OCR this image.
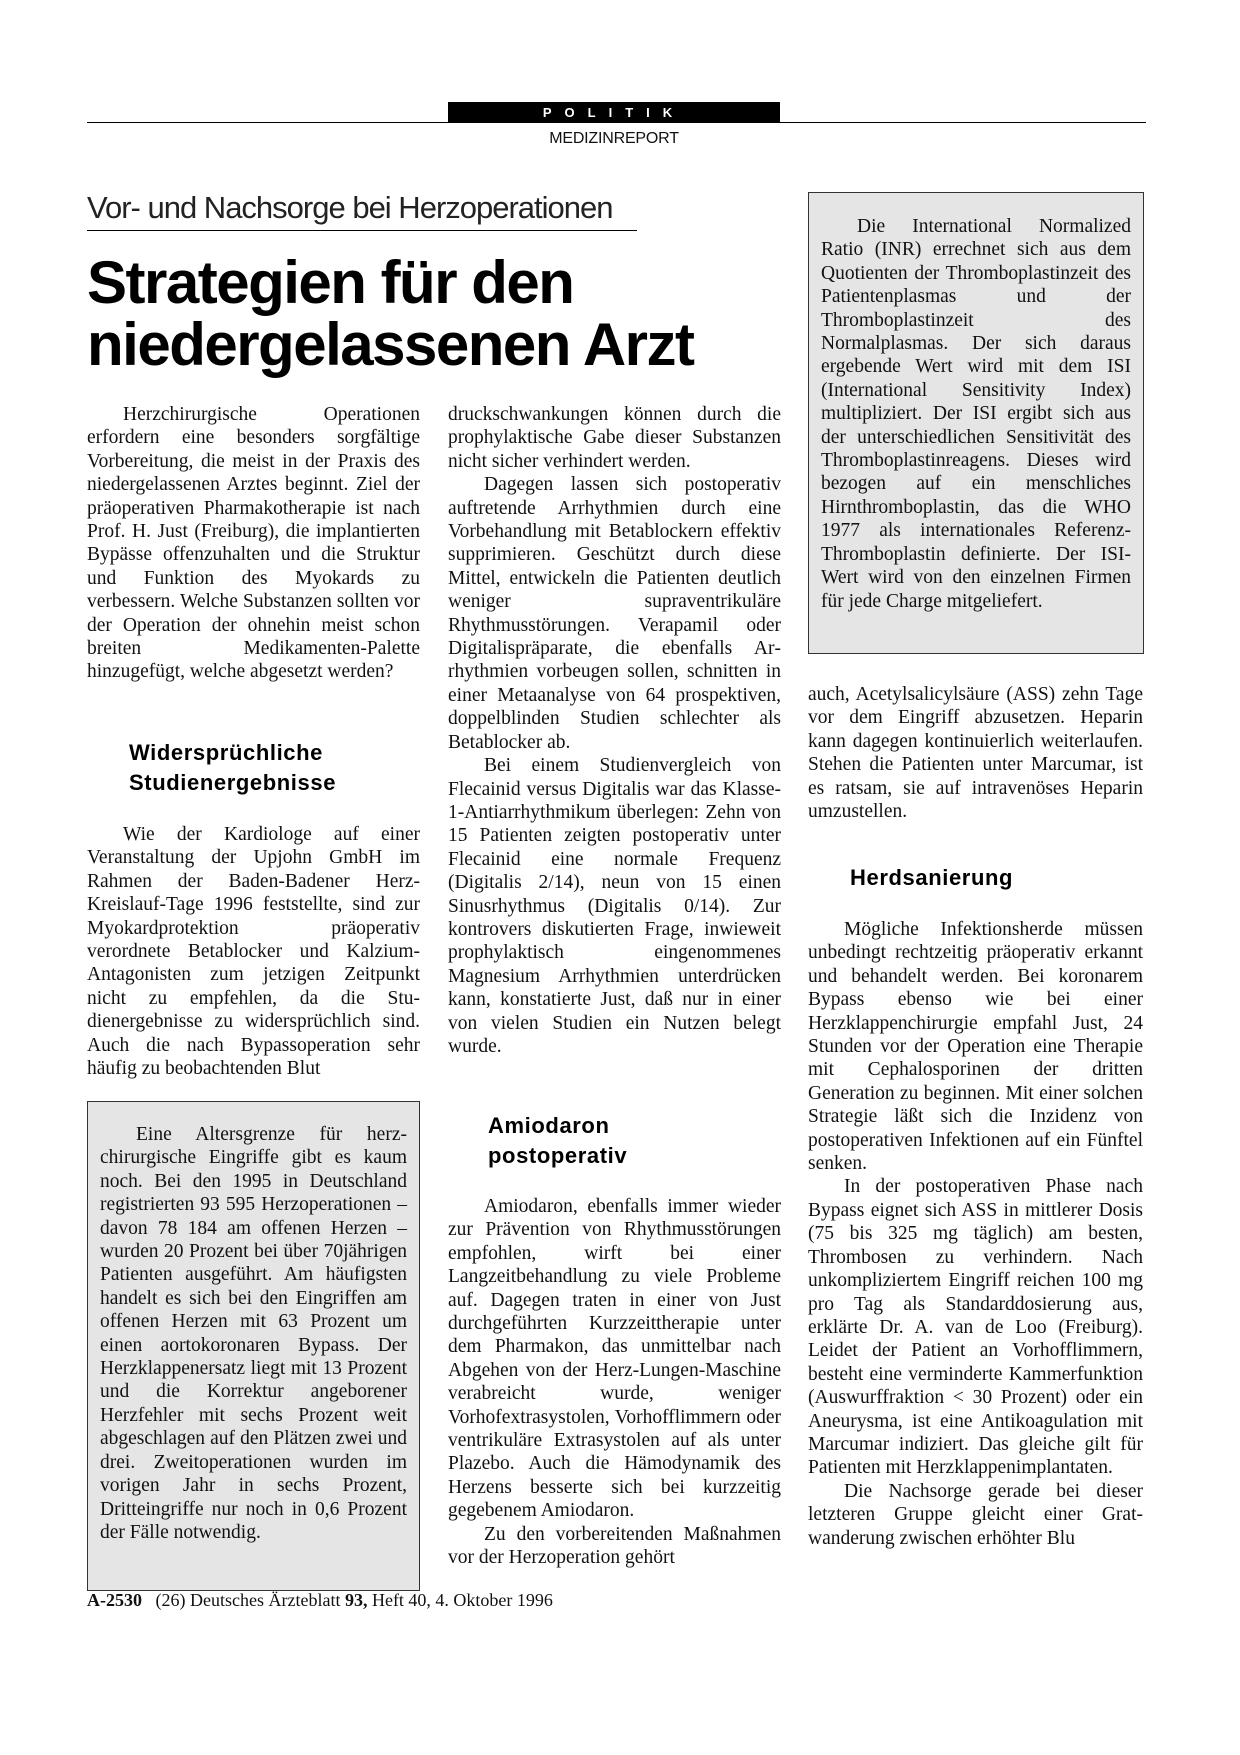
POLITIK
MEDIZINREPORT
Vor- und Nachsorge bei Herzoperationen
Strategien für den
niedergelassenen Arzt

Herzchirurgische Operationen erfordern eine besonders sorgfältige Vorbereitung, die meist in der Praxis des niedergelassenen Arztes beginnt. Ziel der präoperativen Pharmakotherapie ist nach Prof. H. Just (Freiburg), die implantierten Bypässe offenzuhalten und die Struktur und Funktion des Myokards zu verbessern. Welche Substanzen sollten vor der Operation der ohnehin meist schon breiten Medikamenten-Palette hinzugefügt, welche abgesetzt werden?

Widersprüchliche
Studienergebnisse

Wie der Kardiologe auf einer Veranstaltung der Upjohn GmbH im Rahmen der Baden-Badener Herz-Kreislauf-Tage 1996 feststellte, sind zur Myokardprotektion präoperativ verordnete Betablocker und Kalzium-Antagonisten zum jetzigen Zeitpunkt nicht zu empfehlen, da die Studienergebnisse zu widersprüchlich sind. Auch die nach Bypassoperation sehr häufig zu beobachtenden Blut

Eine Altersgrenze für herzchirurgische Eingriffe gibt es kaum noch. Bei den 1995 in Deutschland registrierten 93 595 Herzoperationen – davon 78 184 am offenen Herzen – wurden 20 Prozent bei über 70jährigen Patienten ausgeführt. Am häufigsten handelt es sich bei den Eingriffen am offenen Herzen mit 63 Prozent um einen aortokoronaren Bypass. Der Herzklappenersatz liegt mit 13 Prozent und die Korrektur angeborener Herzfehler mit sechs Prozent weit abgeschlagen auf den Plätzen zwei und drei. Zweitoperationen wurden im vorigen Jahr in sechs Prozent, Dritteingriffe nur noch in 0,6 Prozent der Fälle notwendig.

druckschwankungen können durch die prophylaktische Gabe dieser Substanzen nicht sicher verhindert werden.

Dagegen lassen sich postoperativ auftretende Arrhythmien durch eine Vorbehandlung mit Betablockern effektiv supprimieren. Geschützt durch diese Mittel, entwickeln die Patienten deutlich weniger supraventrikuläre Rhythmusstörungen. Verapamil oder Digitalispräparate, die ebenfalls Arrhythmien vorbeugen sollen, schnitten in einer Metaanalyse von 64 prospektiven, doppelblinden Studien schlechter als Betablocker ab.

Bei einem Studienvergleich von Flecainid versus Digitalis war das Klasse-1-Antiarrhythmikum überlegen: Zehn von 15 Patienten zeigten postoperativ unter Flecainid eine normale Frequenz (Digitalis 2/14), neun von 15 einen Sinusrhythmus (Digitalis 0/14). Zur kontrovers diskutierten Frage, inwieweit prophylaktisch eingenommenes Magnesium Arrhythmien unterdrücken kann, konstatierte Just, daß nur in einer von vielen Studien ein Nutzen belegt wurde.

Amiodaron
postoperativ

Amiodaron, ebenfalls immer wieder zur Prävention von Rhythmusstörungen empfohlen, wirft bei einer Langzeitbehandlung zu viele Probleme auf. Dagegen traten in einer von Just durchgeführten Kurzzeittherapie unter dem Pharmakon, das unmittelbar nach Abgehen von der Herz-Lungen-Maschine verabreicht wurde, weniger Vorhofextrasystolen, Vorhofflimmern oder ventrikuläre Extrasystolen auf als unter Plazebo. Auch die Hämodynamik des Herzens besserte sich bei kurzzeitig gegebenem Amiodaron.

Zu den vorbereitenden Maßnahmen vor der Herzoperation gehört

Die International Normalized Ratio (INR) errechnet sich aus dem Quotienten der Thromboplastinzeit des Patientenplasmas und der Thromboplastinzeit des Normalplasmas. Der sich daraus ergebende Wert wird mit dem ISI (International Sensitivity Index) multipliziert. Der ISI ergibt sich aus der unterschiedlichen Sensitivität des Thromboplastinreagens. Dieses wird bezogen auf ein menschliches Hirnthromboplastin, das die WHO 1977 als internationales Referenz-Thromboplastin definierte. Der ISI-Wert wird von den einzelnen Firmen für jede Charge mitgeliefert.

auch, Acetylsalicylsäure (ASS) zehn Tage vor dem Eingriff abzusetzen. Heparin kann dagegen kontinuierlich weiterlaufen. Stehen die Patienten unter Marcumar, ist es ratsam, sie auf intravenöses Heparin umzustellen.

Herdsanierung

Mögliche Infektionsherde müssen unbedingt rechtzeitig präoperativ erkannt und behandelt werden. Bei koronarem Bypass ebenso wie bei einer Herzklappenchirurgie empfahl Just, 24 Stunden vor der Operation eine Therapie mit Cephalosporinen der dritten Generation zu beginnen. Mit einer solchen Strategie läßt sich die Inzidenz von postoperativen Infektionen auf ein Fünftel senken.

In der postoperativen Phase nach Bypass eignet sich ASS in mittlerer Dosis (75 bis 325 mg täglich) am besten, Thrombosen zu verhindern. Nach unkompliziertem Eingriff reichen 100 mg pro Tag als Standarddosierung aus, erklärte Dr. A. van de Loo (Freiburg). Leidet der Patient an Vorhofflimmern, besteht eine verminderte Kammerfunktion (Auswurffraktion < 30 Prozent) oder ein Aneurysma, ist eine Antikoagulation mit Marcumar indiziert. Das gleiche gilt für Patienten mit Herzklappenimplantaten.

Die Nachsorge gerade bei dieser letzteren Gruppe gleicht einer Gratwanderung zwischen erhöhter Blu

A-2530 (26) Deutsches Ärzteblatt 93, Heft 40, 4. Oktober 1996
